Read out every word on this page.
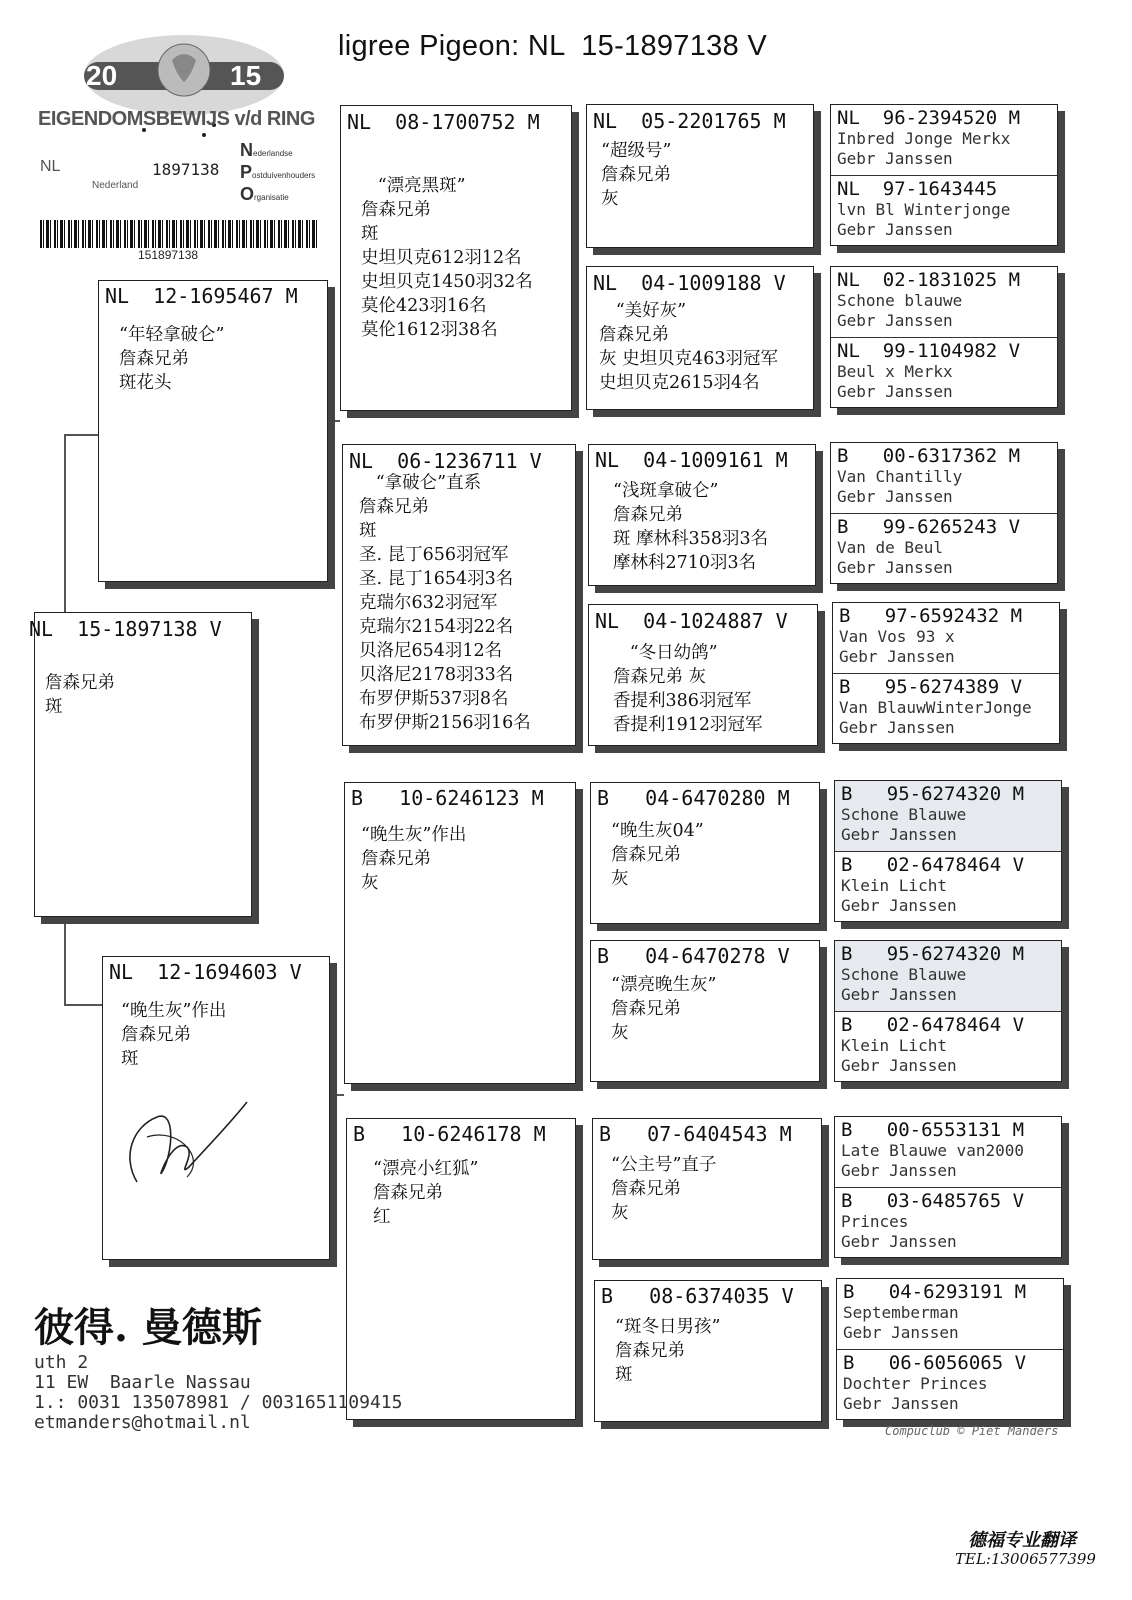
ligree Pigeon: NL  15-1897138 V
20	15
EIGENDOMSBEWIJS v/d RING
NL	1897138
Nederland
Nederlandse
Postduivenhouders
Organisatie
151897138
NL  15-1897138 V
詹森兄弟
斑
NL  12-1695467 M
“年轻拿破仑”
詹森兄弟
斑花头
NL  12-1694603 V
“晚生灰”作出
詹森兄弟
斑
NL  08-1700752 M
“漂亮黑斑”
詹森兄弟
斑
史坦贝克612羽12名
史坦贝克1450羽32名
莫伦423羽16名
莫伦1612羽38名
NL  06-1236711 V
“拿破仑”直系
詹森兄弟
斑
圣. 昆丁656羽冠军
圣. 昆丁1654羽3名
克瑞尔632羽冠军
克瑞尔2154羽22名
贝洛尼654羽12名
贝洛尼2178羽33名
布罗伊斯537羽8名
布罗伊斯2156羽16名
B   10-6246123 M
“晚生灰”作出
詹森兄弟
灰
B   10-6246178 M
“漂亮小红狐”
詹森兄弟
红
NL  05-2201765 M
“超级号”
詹森兄弟
灰
NL  04-1009188 V
“美好灰”
詹森兄弟
灰 史坦贝克463羽冠军
史坦贝克2615羽4名
NL  04-1009161 M
“浅斑拿破仑”
詹森兄弟
斑 摩林科358羽3名
摩林科2710羽3名
NL  04-1024887 V
“冬日幼鸽”
詹森兄弟 灰
香提利386羽冠军
香提利1912羽冠军
B   04-6470280 M
“晚生灰04”
詹森兄弟
灰
B   04-6470278 V
“漂亮晚生灰”
詹森兄弟
灰
B   07-6404543 M
“公主号”直子
詹森兄弟
灰
B   08-6374035 V
“斑冬日男孩”
詹森兄弟
斑
NL  96-2394520 M
Inbred Jonge Merkx
Gebr Janssen
NL  97-1643445
lvn Bl Winterjonge
Gebr Janssen
NL  02-1831025 M
Schone blauwe
Gebr Janssen
NL  99-1104982 V
Beul x Merkx
Gebr Janssen
B   00-6317362 M
Van Chantilly
Gebr Janssen
B   99-6265243 V
Van de Beul
Gebr Janssen
B   97-6592432 M
Van Vos 93 x
Gebr Janssen
B   95-6274389 V
Van BlauwWinterJonge
Gebr Janssen
B   95-6274320 M
Schone Blauwe
Gebr Janssen
B   02-6478464 V
Klein Licht
Gebr Janssen
B   95-6274320 M
Schone Blauwe
Gebr Janssen
B   02-6478464 V
Klein Licht
Gebr Janssen
B   00-6553131 M
Late Blauwe van2000
Gebr Janssen
B   03-6485765 V
Princes
Gebr Janssen
B   04-6293191 M
Septemberman
Gebr Janssen
B   06-6056065 V
Dochter Princes
Gebr Janssen
彼得. 曼德斯
uth 2
11 EW  Baarle Nassau
1.: 0031 135078981 / 0031651109415
etmanders@hotmail.nl	Compuclub © Piet Manders
德福专业翻译
TEL:13006577399
